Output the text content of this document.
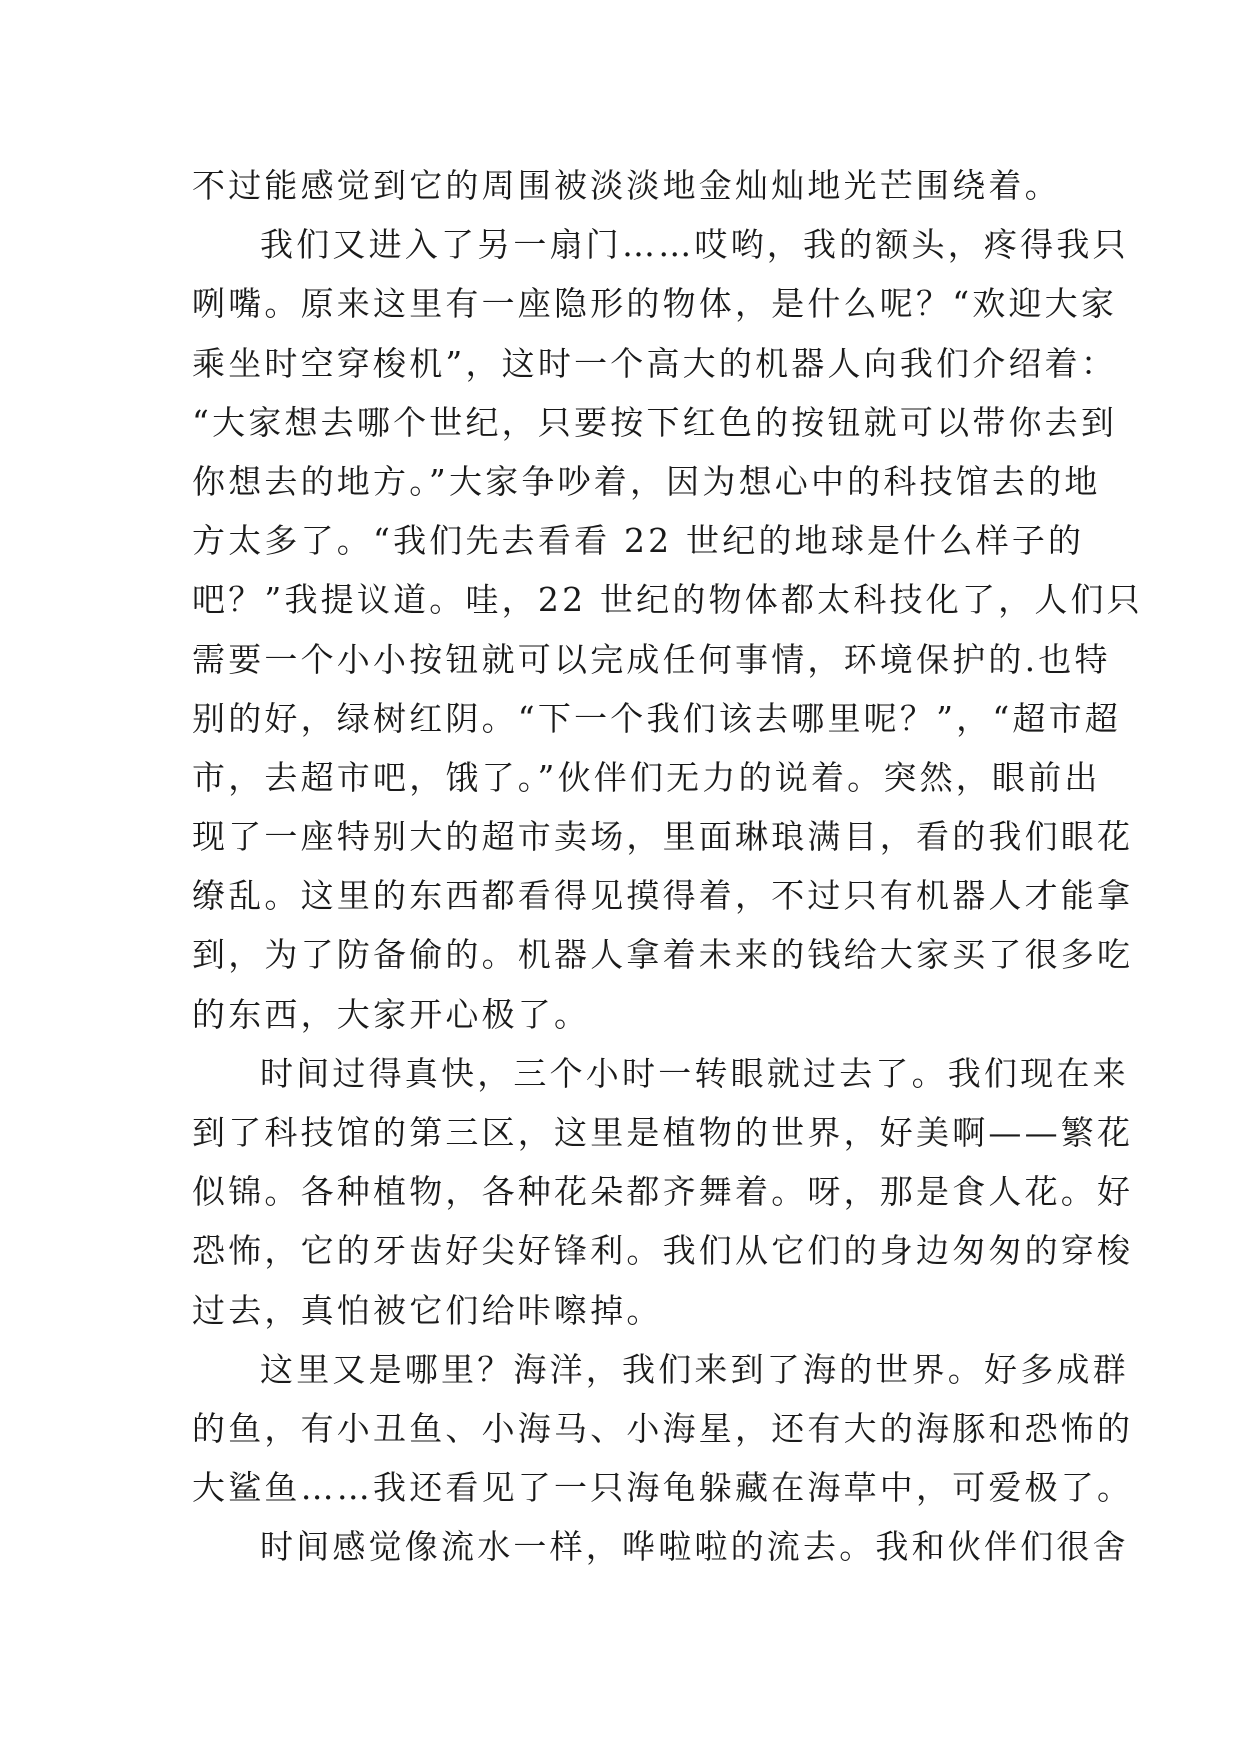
不过能感觉到它的周围被淡淡地金灿灿地光芒围绕着。
我们又进入了另一扇门……哎哟，我的额头，疼得我只
咧嘴。原来这里有一座隐形的物体，是什么呢？“欢迎大家
乘坐时空穿梭机”，这时一个高大的机器人向我们介绍着：
“大家想去哪个世纪，只要按下红色的按钮就可以带你去到
你想去的地方。”大家争吵着，因为想心中的科技馆去的地
方太多了。“我们先去看看 22 世纪的地球是什么样子的
吧？”我提议道。哇，22 世纪的物体都太科技化了，人们只
需要一个小小按钮就可以完成任何事情，环境保护的.也特
别的好，绿树红阴。“下一个我们该去哪里呢？”，“超市超
市，去超市吧，饿了。”伙伴们无力的说着。突然，眼前出
现了一座特别大的超市卖场，里面琳琅满目，看的我们眼花
缭乱。这里的东西都看得见摸得着，不过只有机器人才能拿
到，为了防备偷的。机器人拿着未来的钱给大家买了很多吃
的东西，大家开心极了。
时间过得真快，三个小时一转眼就过去了。我们现在来
到了科技馆的第三区，这里是植物的世界，好美啊——繁花
似锦。各种植物，各种花朵都齐舞着。呀，那是食人花。好
恐怖，它的牙齿好尖好锋利。我们从它们的身边匆匆的穿梭
过去，真怕被它们给咔嚓掉。
这里又是哪里？海洋，我们来到了海的世界。好多成群
的鱼，有小丑鱼、小海马、小海星，还有大的海豚和恐怖的
大鲨鱼……我还看见了一只海龟躲藏在海草中，可爱极了。
时间感觉像流水一样，哗啦啦的流去。我和伙伴们很舍
